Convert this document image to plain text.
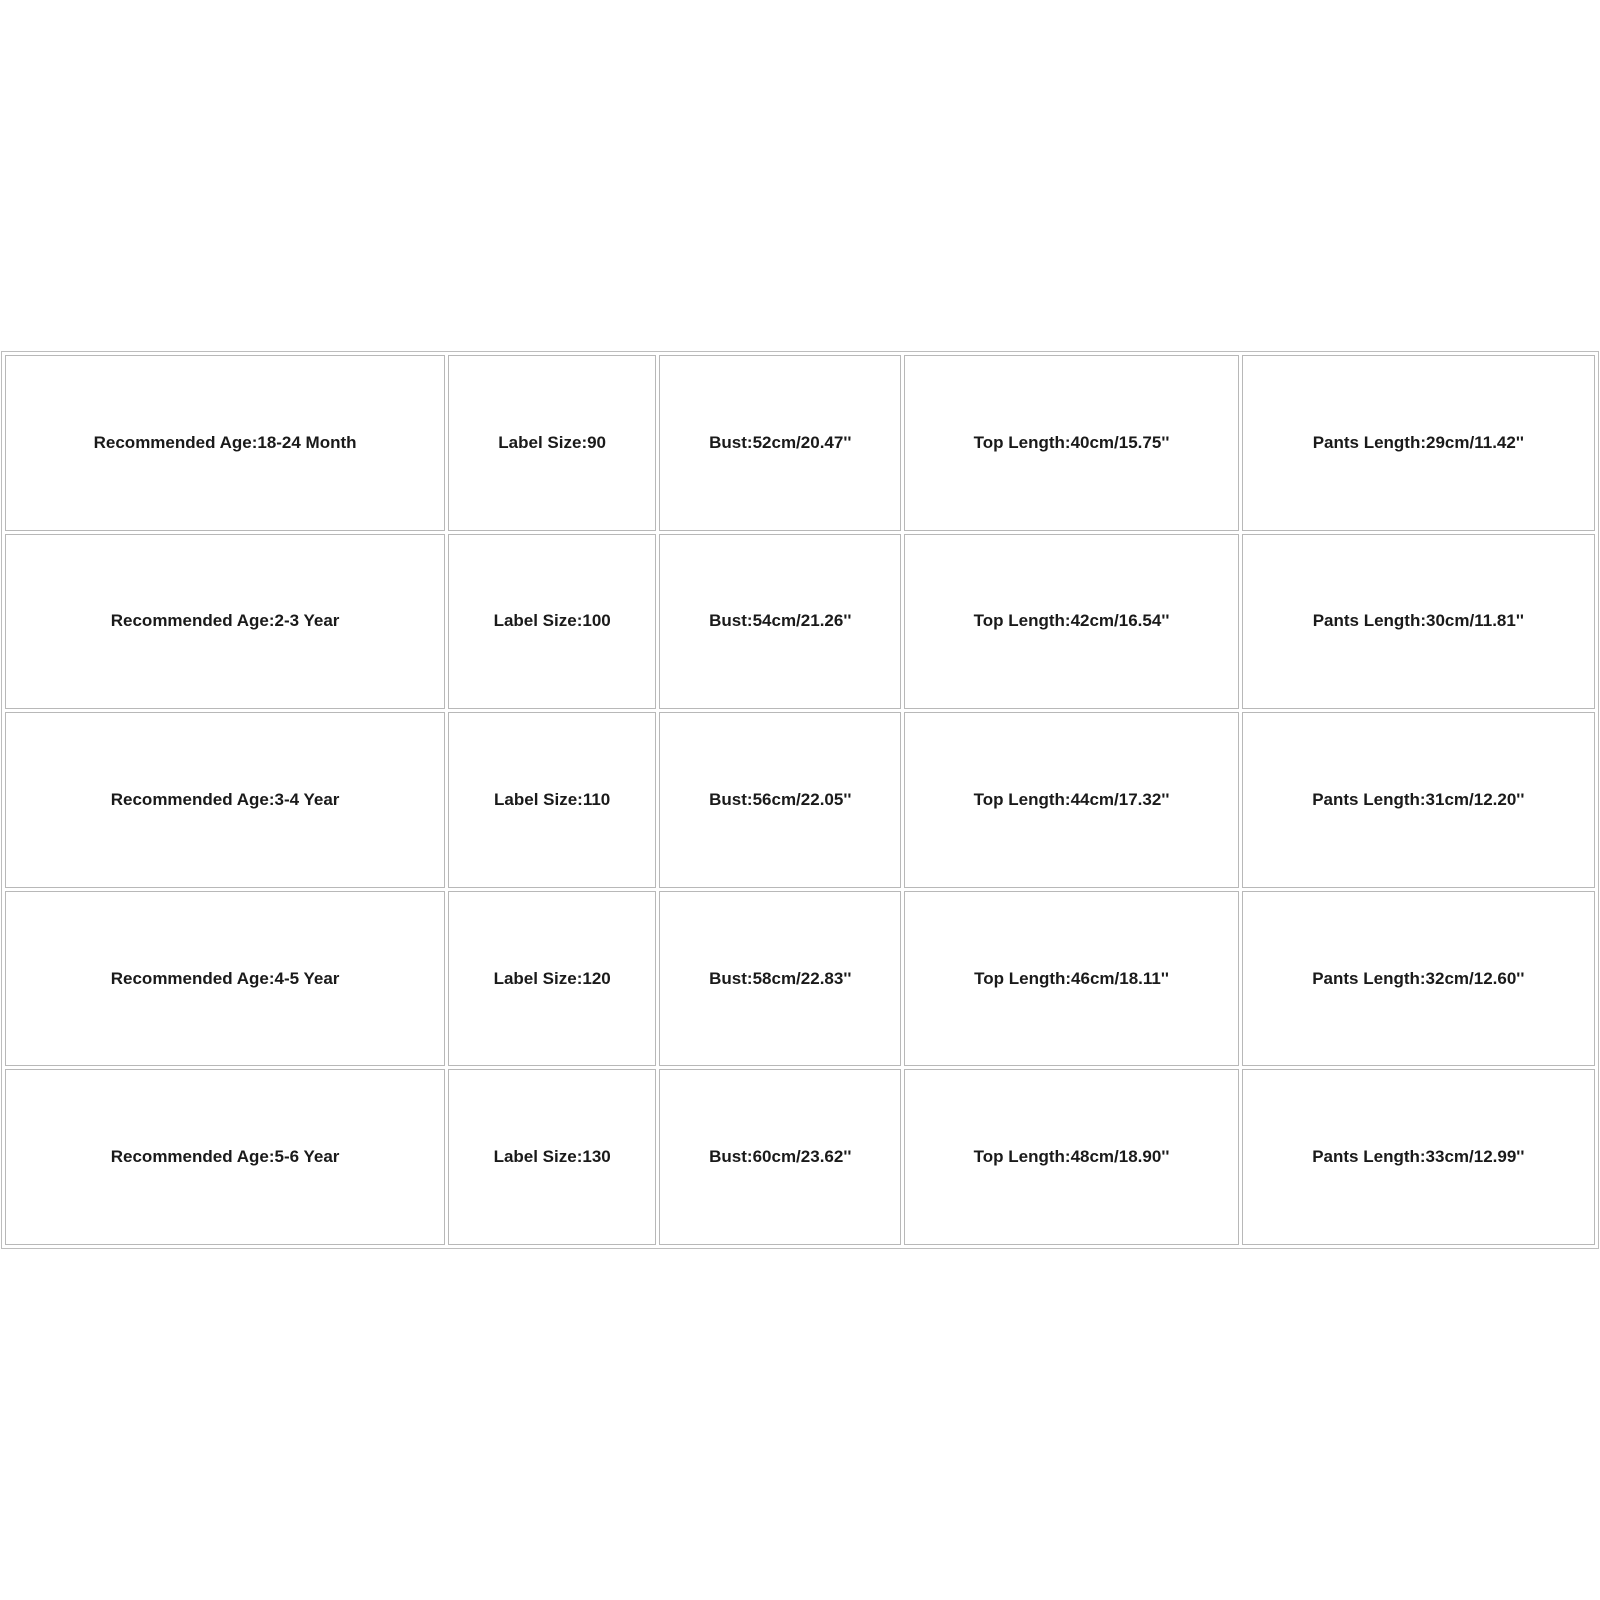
Recommended Age:18-24 Month	Label Size:90	Bust:52cm/20.47''	Top Length:40cm/15.75''	Pants Length:29cm/11.42''
Recommended Age:2-3 Year	Label Size:100	Bust:54cm/21.26''	Top Length:42cm/16.54''	Pants Length:30cm/11.81''
Recommended Age:3-4 Year	Label Size:110	Bust:56cm/22.05''	Top Length:44cm/17.32''	Pants Length:31cm/12.20''
Recommended Age:4-5 Year	Label Size:120	Bust:58cm/22.83''	Top Length:46cm/18.11''	Pants Length:32cm/12.60''
Recommended Age:5-6 Year	Label Size:130	Bust:60cm/23.62''	Top Length:48cm/18.90''	Pants Length:33cm/12.99''
